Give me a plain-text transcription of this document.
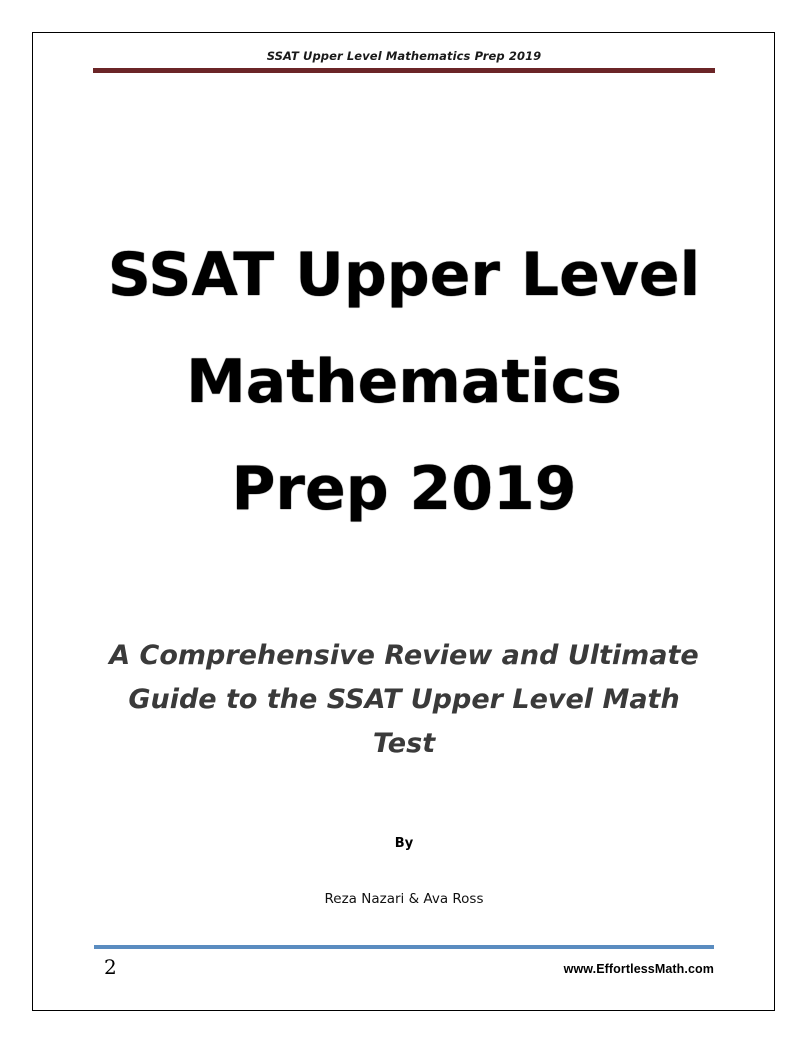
SSAT Upper Level Mathematics Prep 2019
SSAT Upper Level
Mathematics
Prep 2019
A Comprehensive Review and Ultimate
Guide to the SSAT Upper Level Math
Test
By
Reza Nazari & Ava Ross
2	www.EffortlessMath.com
